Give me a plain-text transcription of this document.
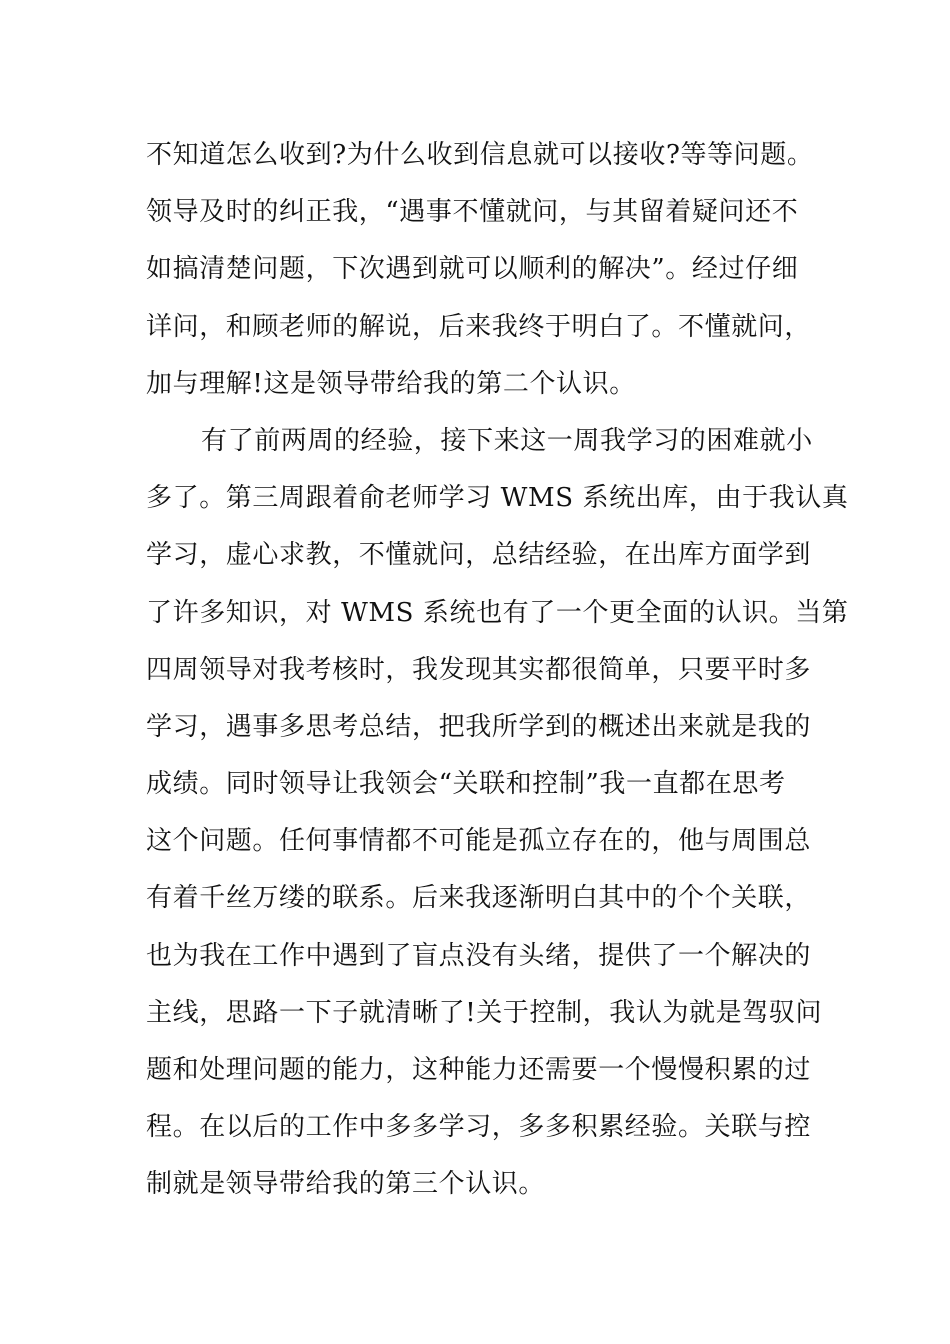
不知道怎么收到?为什么收到信息就可以接收?等等问题。
领导及时的纠正我，“遇事不懂就问，与其留着疑问还不
如搞清楚问题，下次遇到就可以顺利的解决”。经过仔细
详问，和顾老师的解说，后来我终于明白了。不懂就问，
加与理解!这是领导带给我的第二个认识。
有了前两周的经验，接下来这一周我学习的困难就小
多了。第三周跟着俞老师学习 WMS 系统出库，由于我认真
学习，虚心求教，不懂就问，总结经验，在出库方面学到
了许多知识，对 WMS 系统也有了一个更全面的认识。当第
四周领导对我考核时，我发现其实都很简单，只要平时多
学习，遇事多思考总结，把我所学到的概述出来就是我的
成绩。同时领导让我领会“关联和控制”我一直都在思考
这个问题。任何事情都不可能是孤立存在的，他与周围总
有着千丝万缕的联系。后来我逐渐明白其中的个个关联，
也为我在工作中遇到了盲点没有头绪，提供了一个解决的
主线，思路一下子就清晰了!关于控制，我认为就是驾驭问
题和处理问题的能力，这种能力还需要一个慢慢积累的过
程。在以后的工作中多多学习，多多积累经验。关联与控
制就是领导带给我的第三个认识。
